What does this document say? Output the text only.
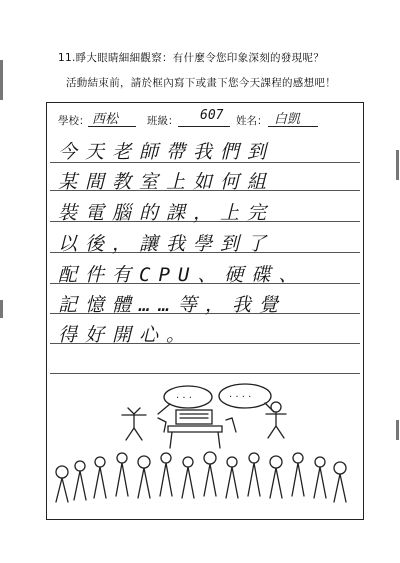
11.睜大眼睛細細觀察：有什麼令您印象深刻的發現呢？
活動結束前，請於框內寫下或畫下您今天課程的感想吧！
學校： 西松	班級： 607 姓名： 白凱
今天老師帶我們到
某間教室上如何組
裝電腦的課，上完
以後，讓我學到了
配件有CPU、硬碟、
記憶體……等，我覺
得好開心。
· · ·	· · · ·
